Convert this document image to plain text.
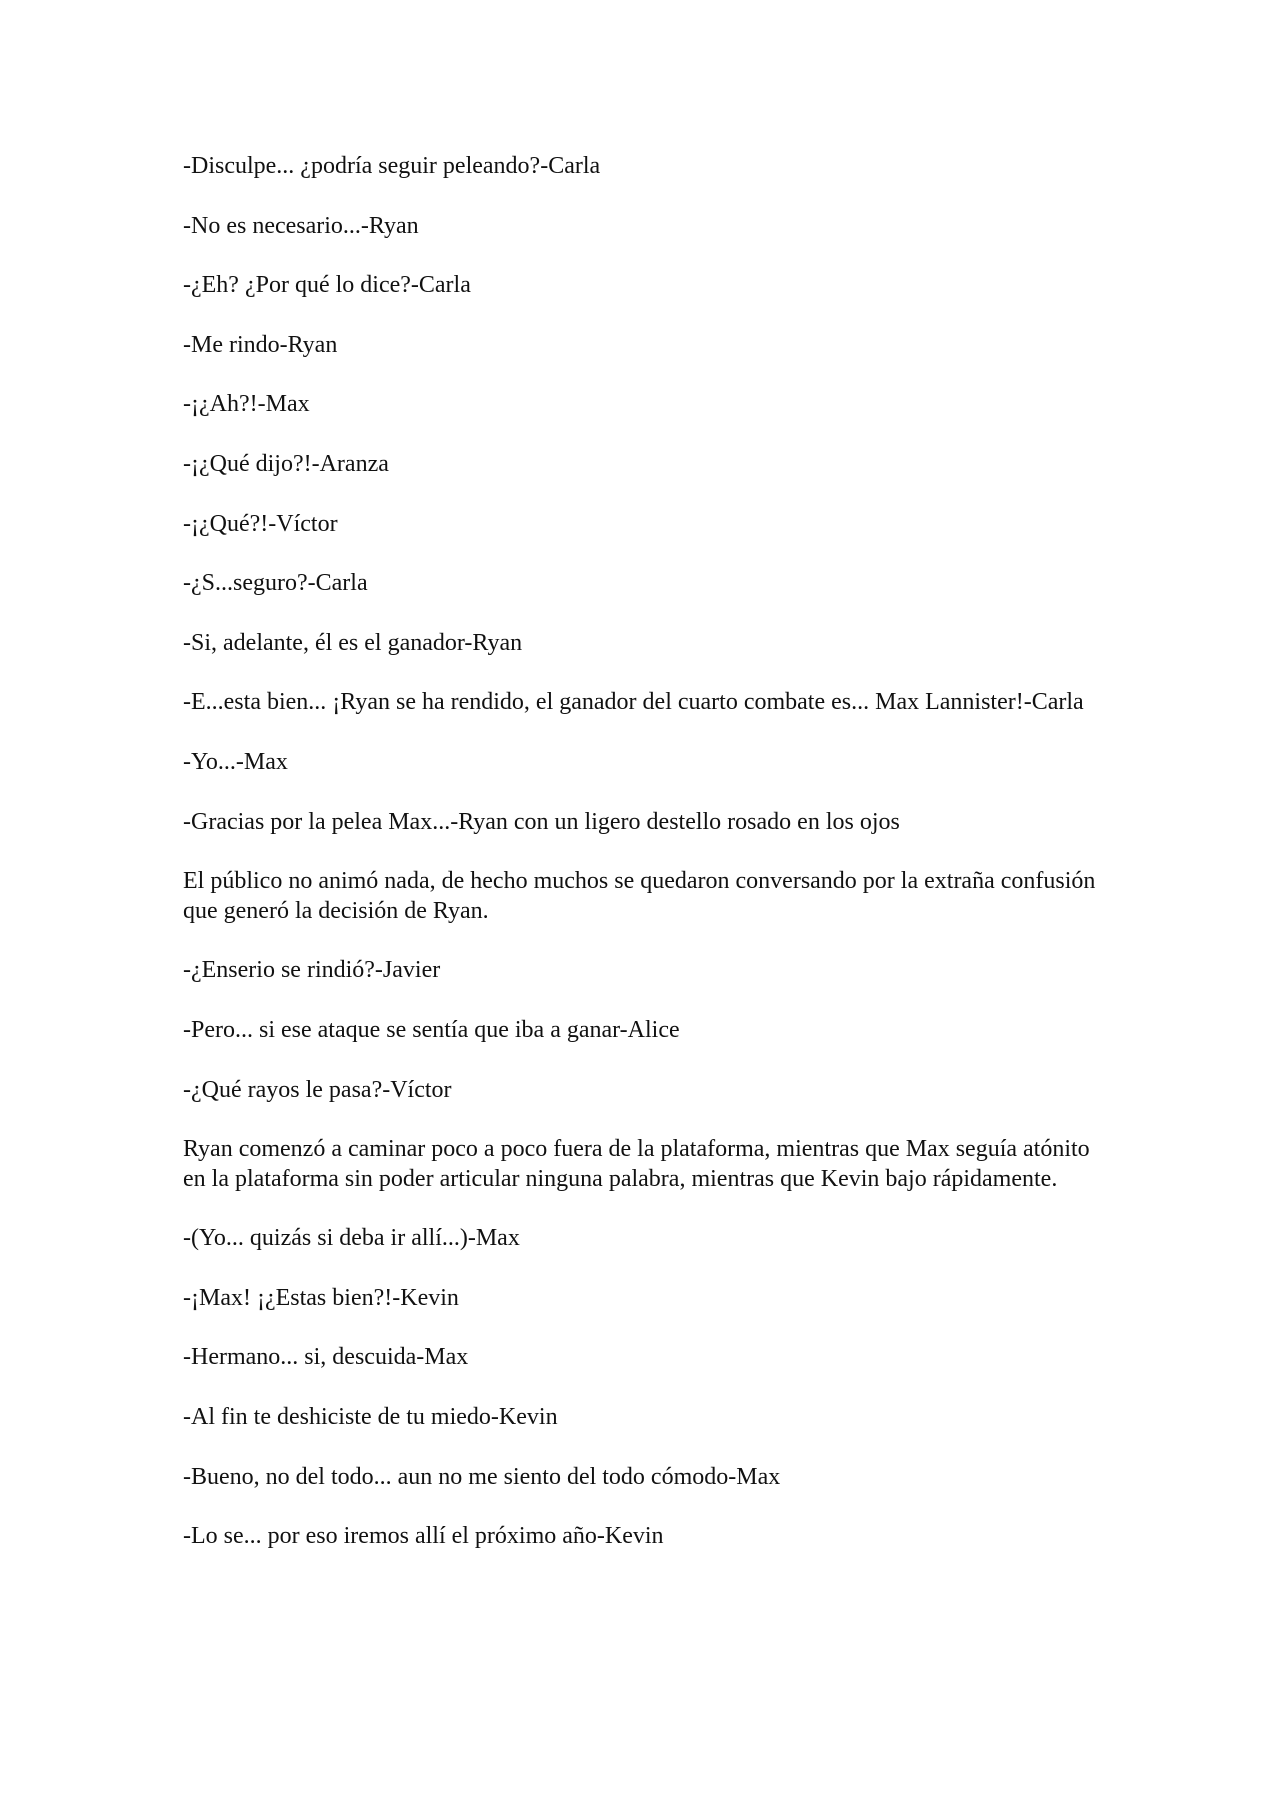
-Disculpe... ¿podría seguir peleando?-Carla

-No es necesario...-Ryan

-¿Eh? ¿Por qué lo dice?-Carla

-Me rindo-Ryan

-¡¿Ah?!-Max

-¡¿Qué dijo?!-Aranza

-¡¿Qué?!-Víctor

-¿S...seguro?-Carla

-Si, adelante, él es el ganador-Ryan

-E...esta bien... ¡Ryan se ha rendido, el ganador del cuarto combate es... Max Lannister!-Carla

-Yo...-Max

-Gracias por la pelea Max...-Ryan con un ligero destello rosado en los ojos

El público no animó nada, de hecho muchos se quedaron conversando por la extraña confusión que generó la decisión de Ryan.

-¿Enserio se rindió?-Javier

-Pero... si ese ataque se sentía que iba a ganar-Alice

-¿Qué rayos le pasa?-Víctor

Ryan comenzó a caminar poco a poco fuera de la plataforma, mientras que Max seguía atónito en la plataforma sin poder articular ninguna palabra, mientras que Kevin bajo rápidamente.

-(Yo... quizás si deba ir allí...)-Max

-¡Max! ¡¿Estas bien?!-Kevin

-Hermano... si, descuida-Max

-Al fin te deshiciste de tu miedo-Kevin

-Bueno, no del todo... aun no me siento del todo cómodo-Max

-Lo se... por eso iremos allí el próximo año-Kevin
